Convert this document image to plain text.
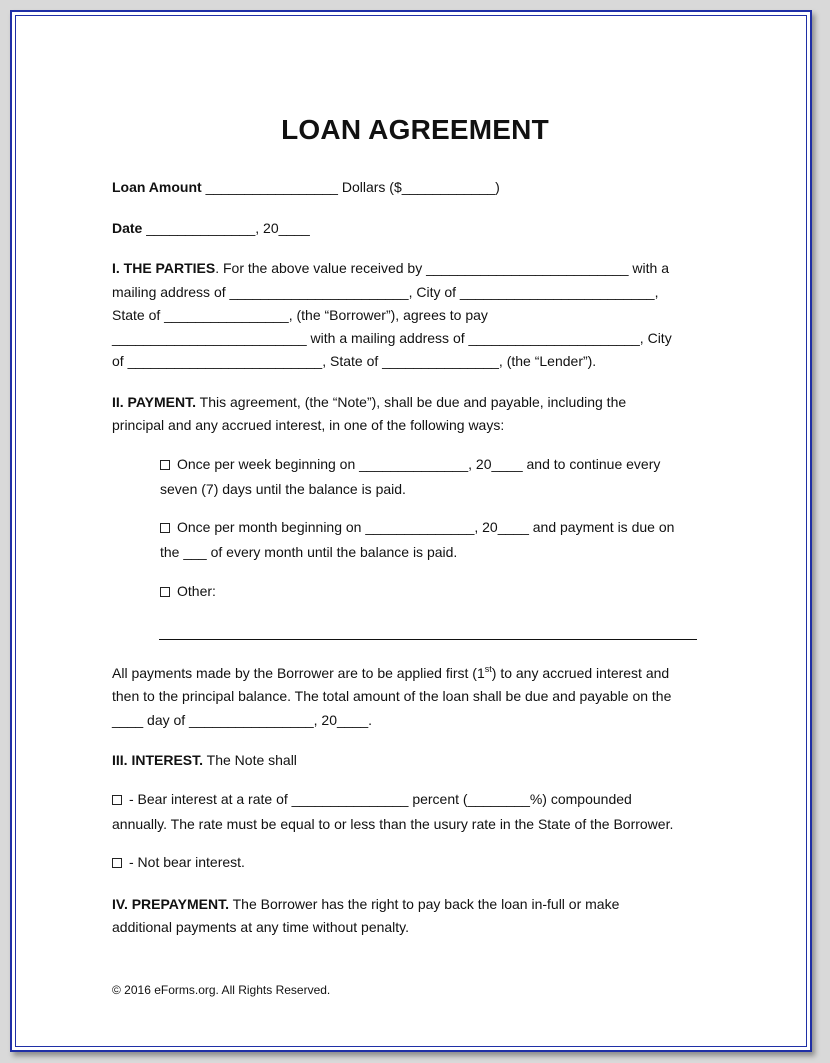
LOAN AGREEMENT
Loan Amount _________________ Dollars ($____________)
Date ______________, 20____
I. THE PARTIES. For the above value received by __________________________ with a
mailing address of _______________________, City of _________________________,
State of ________________, (the “Borrower”), agrees to pay
_________________________ with a mailing address of ______________________, City
of _________________________, State of _______________, (the “Lender”).
II. PAYMENT. This agreement, (the “Note”), shall be due and payable, including the
principal and any accrued interest, in one of the following ways:
Once per week beginning on ______________, 20____ and to continue every
seven (7) days until the balance is paid.
Once per month beginning on ______________, 20____ and payment is due on
the ___ of every month until the balance is paid.
Other:
All payments made by the Borrower are to be applied first (1st) to any accrued interest and
then to the principal balance. The total amount of the loan shall be due and payable on the
____ day of ________________, 20____.
III. INTEREST. The Note shall
- Bear interest at a rate of _______________ percent (________%) compounded
annually. The rate must be equal to or less than the usury rate in the State of the Borrower.
- Not bear interest.
IV. PREPAYMENT. The Borrower has the right to pay back the loan in-full or make
additional payments at any time without penalty.
© 2016 eForms.org. All Rights Reserved.
